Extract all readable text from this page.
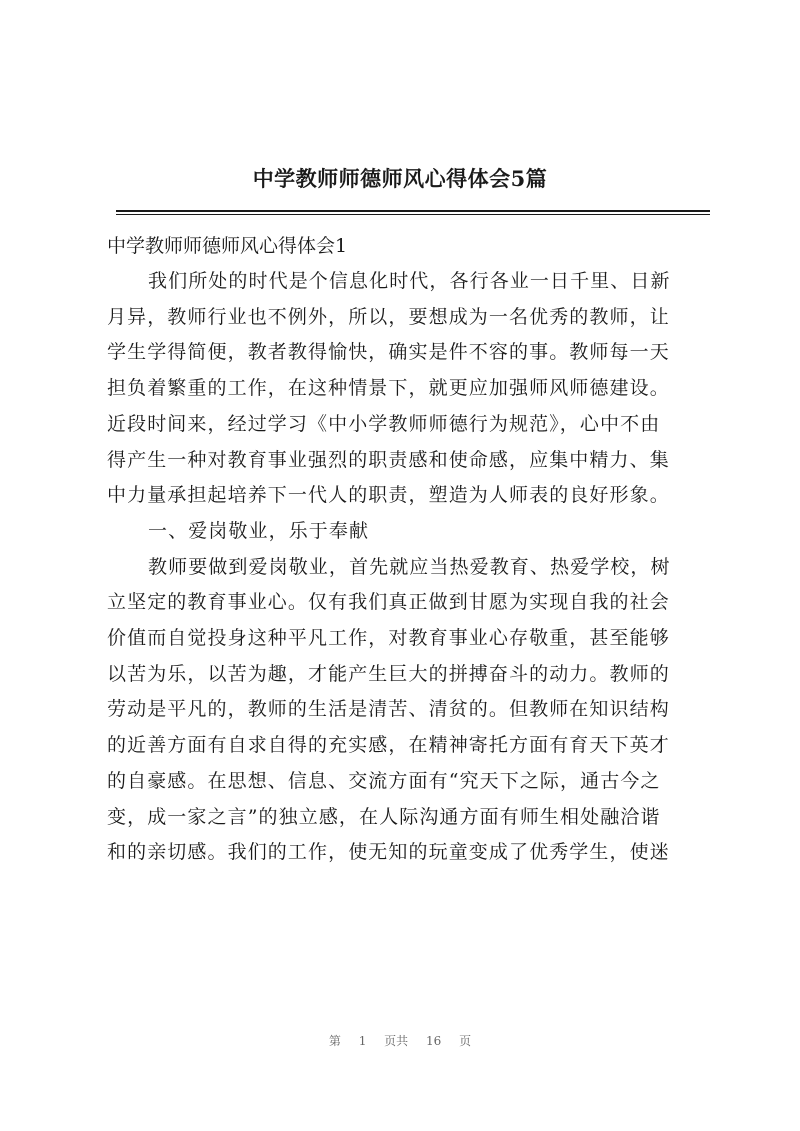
中学教师师德师风心得体会5篇

中学教师师德师风心得体会1

我们所处的时代是个信息化时代，各行各业一日千里、日新
月异，教师行业也不例外，所以，要想成为一名优秀的教师，让
学生学得简便，教者教得愉快，确实是件不容的事。教师每一天
担负着繁重的工作，在这种情景下，就更应加强师风师德建设。
近段时间来，经过学习《中小学教师师德行为规范》，心中不由
得产生一种对教育事业强烈的职责感和使命感，应集中精力、集
中力量承担起培养下一代人的职责，塑造为人师表的良好形象。

一、爱岗敬业，乐于奉献

教师要做到爱岗敬业，首先就应当热爱教育、热爱学校，树
立坚定的教育事业心。仅有我们真正做到甘愿为实现自我的社会
价值而自觉投身这种平凡工作，对教育事业心存敬重，甚至能够
以苦为乐，以苦为趣，才能产生巨大的拼搏奋斗的动力。教师的
劳动是平凡的，教师的生活是清苦、清贫的。但教师在知识结构
的近善方面有自求自得的充实感，在精神寄托方面有育天下英才
的自豪感。在思想、信息、交流方面有“究天下之际，通古今之
变，成一家之言”的独立感，在人际沟通方面有师生相处融洽谐
和的亲切感。我们的工作，使无知的玩童变成了优秀学生，使迷

第 1 页共 16 页
